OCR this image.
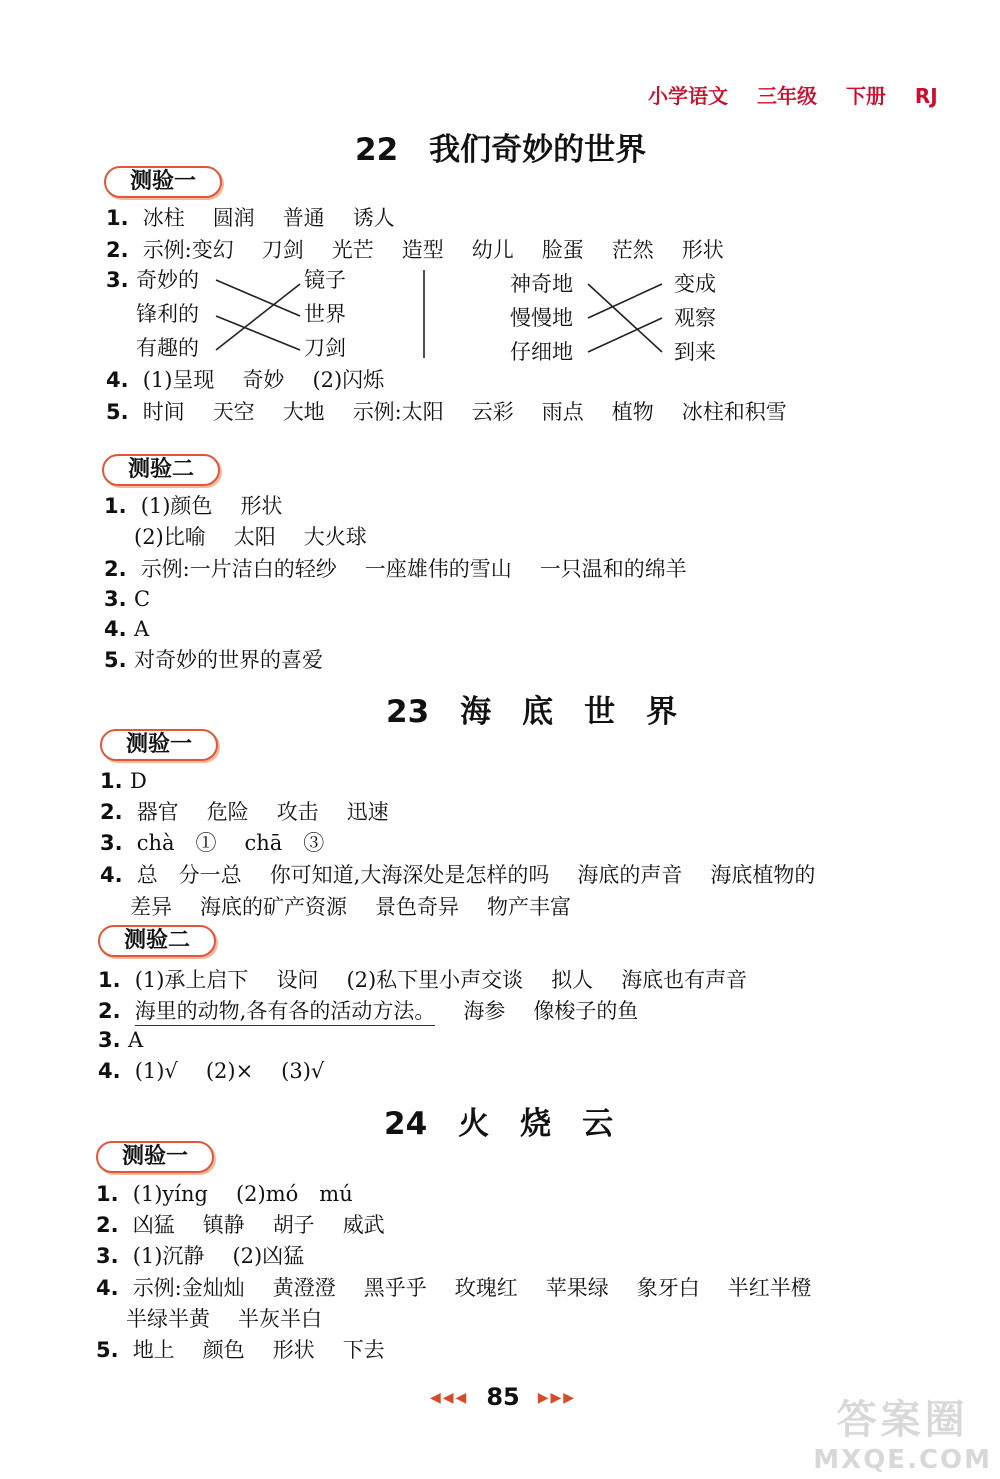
小学语文 三年级 下册 RJ
22　我们奇妙的世界
测验一
1. 冰柱 圆润 普通 诱人
2. 示例:变幻 刀剑 光芒 造型 幼儿 脸蛋 茫然 形状
3. 奇妙的
锋利的
有趣的
镜子
世界
刀剑
神奇地
慢慢地
仔细地
变成
观察
到来
4. (1)呈现 奇妙 (2)闪烁
5. 时间 天空 大地 示例:太阳 云彩 雨点 植物 冰柱和积雪
测验二
1. (1)颜色 形状
(2)比喻 太阳 大火球
2. 示例:一片洁白的轻纱 一座雄伟的雪山 一只温和的绵羊
3. C
4. A
5. 对奇妙的世界的喜爱
23　海　底　世　界
测验一
1. D
2. 器官 危险 攻击 迅速
3. chà　① chā　③
4. 总　分一总 你可知道,大海深处是怎样的吗 海底的声音 海底植物的
差异 海底的矿产资源 景色奇异 物产丰富
测验二
1. (1)承上启下 设问 (2)私下里小声交谈 拟人 海底也有声音
2. 海里的动物,各有各的活动方法。 海参 像梭子的鱼
3. A
4. (1)√ (2)× (3)√
24　火　烧　云
测验一
1. (1)yíng (2)mó　mú
2. 凶猛 镇静 胡子 威武
3. (1)沉静 (2)凶猛
4. 示例:金灿灿 黄澄澄 黑乎乎 玫瑰红 苹果绿 象牙白 半红半橙
半绿半黄 半灰半白
5. 地上 颜色 形状 下去
◀◀◀ 85 ▶▶▶	答案圈
MXQE.COM
